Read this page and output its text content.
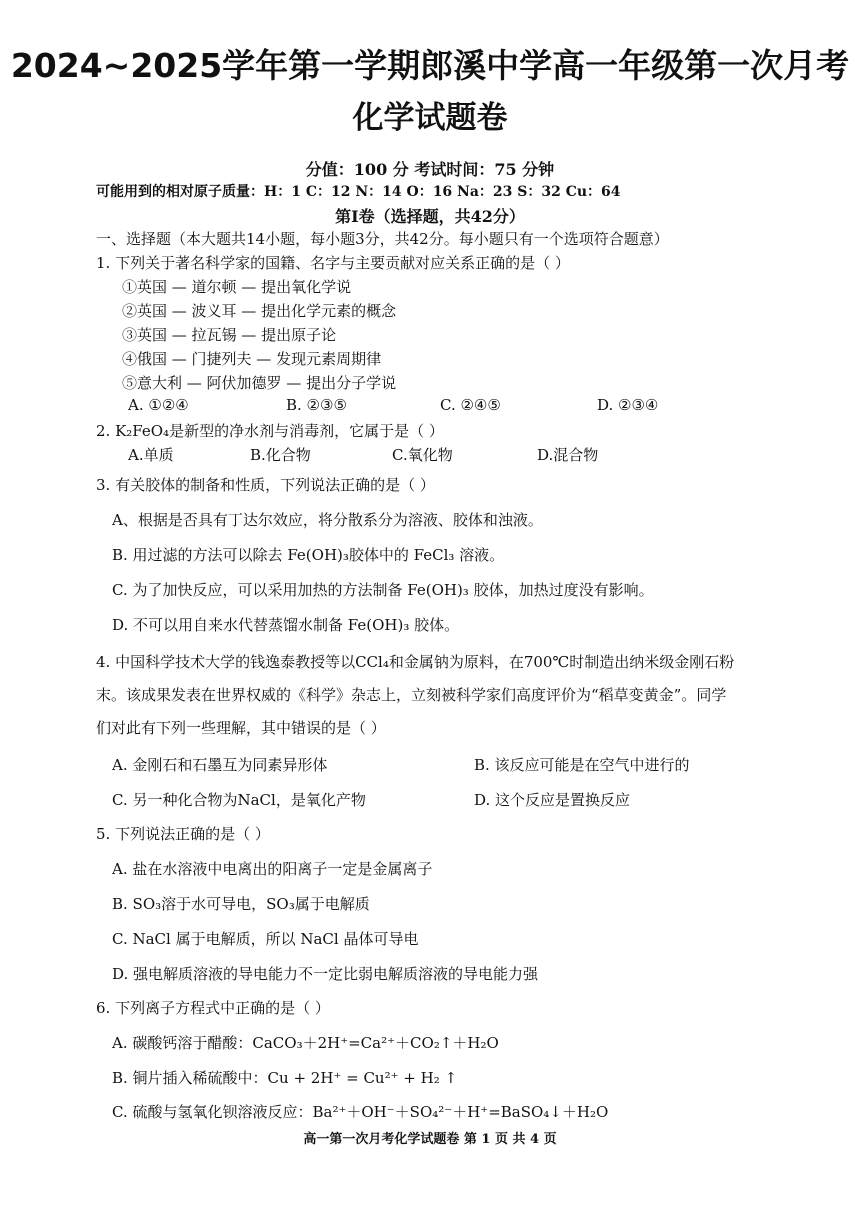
2024~2025学年第一学期郎溪中学高一年级第一次月考
化学试题卷
分值：100 分 考试时间：75 分钟
可能用到的相对原子质量：H：1 C：12 N：14 O：16 Na：23 S：32 Cu：64
第Ⅰ卷（选择题，共42分）
一、选择题（本大题共14小题，每小题3分，共42分。每小题只有一个选项符合题意）
1. 下列关于著名科学家的国籍、名字与主要贡献对应关系正确的是（ ）
①英国 — 道尔顿 — 提出氧化学说
②英国 — 波义耳 — 提出化学元素的概念
③英国 — 拉瓦锡 — 提出原子论
④俄国 — 门捷列夫 — 发现元素周期律
⑤意大利 — 阿伏加德罗 — 提出分子学说
A. ①②④	B. ②③⑤	C. ②④⑤	D. ②③④
2. K₂FeO₄是新型的净水剂与消毒剂，它属于是（ ）
A.单质	B.化合物	C.氧化物	D.混合物
3. 有关胶体的制备和性质，下列说法正确的是（ ）
A、根据是否具有丁达尔效应，将分散系分为溶液、胶体和浊液。
B. 用过滤的方法可以除去 Fe(OH)₃胶体中的 FeCl₃ 溶液。
C. 为了加快反应，可以采用加热的方法制备 Fe(OH)₃ 胶体，加热过度没有影响。
D. 不可以用自来水代替蒸馏水制备 Fe(OH)₃ 胶体。
4. 中国科学技术大学的钱逸泰教授等以CCl₄和金属钠为原料，在700℃时制造出纳米级金刚石粉
末。该成果发表在世界权威的《科学》杂志上，立刻被科学家们高度评价为“稻草变黄金”。同学
们对此有下列一些理解，其中错误的是（ ）
A. 金刚石和石墨互为同素异形体	B. 该反应可能是在空气中进行的
C. 另一种化合物为NaCl，是氧化产物	D. 这个反应是置换反应
5. 下列说法正确的是（ ）
A. 盐在水溶液中电离出的阳离子一定是金属离子
B. SO₃溶于水可导电，SO₃属于电解质
C. NaCl 属于电解质，所以 NaCl 晶体可导电
D. 强电解质溶液的导电能力不一定比弱电解质溶液的导电能力强
6. 下列离子方程式中正确的是（ ）
A. 碳酸钙溶于醋酸：CaCO₃＋2H⁺=Ca²⁺＋CO₂↑＋H₂O
B. 铜片插入稀硫酸中：Cu + 2H⁺ = Cu²⁺ + H₂ ↑
C. 硫酸与氢氧化钡溶液反应：Ba²⁺＋OH⁻＋SO₄²⁻＋H⁺=BaSO₄↓＋H₂O
高一第一次月考化学试题卷 第 1 页 共 4 页
